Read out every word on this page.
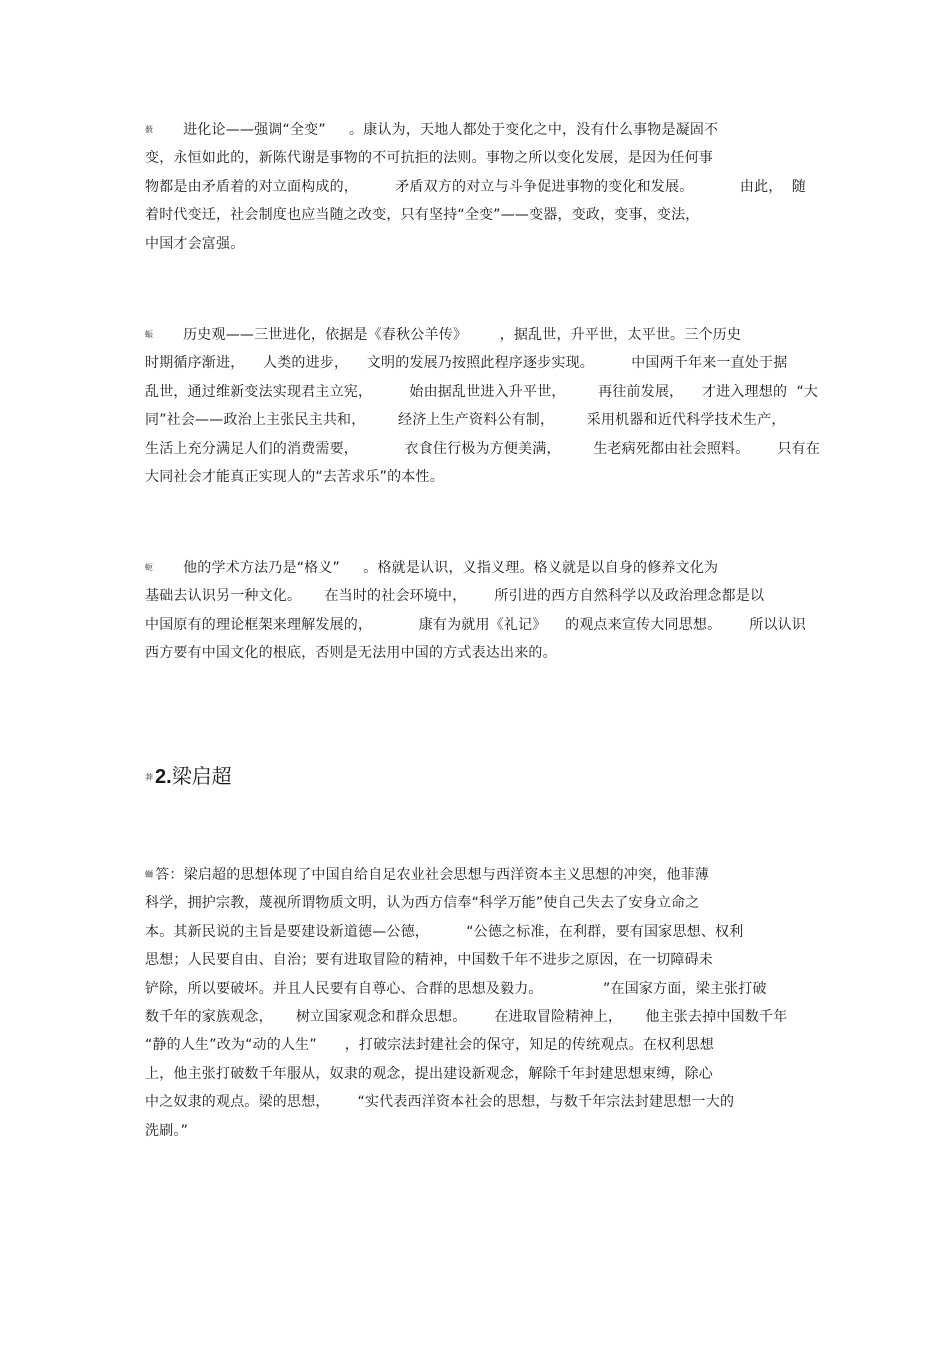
薮      进化论——强调“全变”     。康认为，天地人都处于变化之中，没有什么事物是凝固不
变，永恒如此的，新陈代谢是事物的不可抗拒的法则。事物之所以变化发展，是因为任何事
物都是由矛盾着的对立面构成的，        矛盾双方的对立与斗争促进事物的变化和发展。          由此，  随
着时代变迁，社会制度也应当随之改变，只有坚持“全变”——变器，变政，变事，变法，
中国才会富强。
蜄      历史观——三世进化，依据是《春秋公羊传》       ，据乱世，升平世，太平世。三个历史
时期循序渐进，    人类的进步，    文明的发展乃按照此程序逐步实现。        中国两千年来一直处于据
乱世，通过维新变法实现君主立宪，        始由据乱世进入升平世，       再往前发展，    才进入理想的  “大
同”社会——政治上主张民主共和，       经济上生产资料公有制，       采用机器和近代科学技术生产，
生活上充分满足人们的消费需要，          衣食住行极为方便美满，       生老病死都由社会照料。      只有在
大同社会才能真正实现人的“去苦求乐”的本性。
蚅      他的学术方法乃是“格义”     。格就是认识，义指义理。格义就是以自身的修养文化为
基础去认识另一种文化。     在当时的社会环境中，      所引进的西方自然科学以及政治理念都是以
中国原有的理论框架来理解发展的，          康有为就用《礼记》    的观点来宣传大同思想。      所以认识
西方要有中国文化的根底，否则是无法用中国的方式表达出来的。
莾 2.梁启超
螄 答：梁启超的思想体现了中国自给自足农业社会思想与西洋资本主义思想的冲突，他菲薄
科学，拥护宗教，蔑视所谓物质文明，认为西方信奉“科学万能”使自己失去了安身立命之
本。其新民说的主旨是要建设新道德—公德，        “公德之标准，在利群，要有国家思想、权利
思想；人民要自由、自治；要有进取冒险的精神，中国数千年不进步之原因，在一切障碍未
铲除，所以要破坏。并且人民要有自尊心、合群的思想及毅力。             ”在国家方面，梁主张打破
数千年的家族观念，     树立国家观念和群众思想。      在进取冒险精神上，     他主张去掉中国数千年
“静的人生”改为“动的人生”      ，打破宗法封建社会的保守，知足的传统观点。在权利思想
上，他主张打破数千年服从，奴隶的观念，提出建设新观念，解除千年封建思想束缚，除心
中之奴隶的观点。梁的思想，      “实代表西洋资本社会的思想，与数千年宗法封建思想一大的
洗刷。”
